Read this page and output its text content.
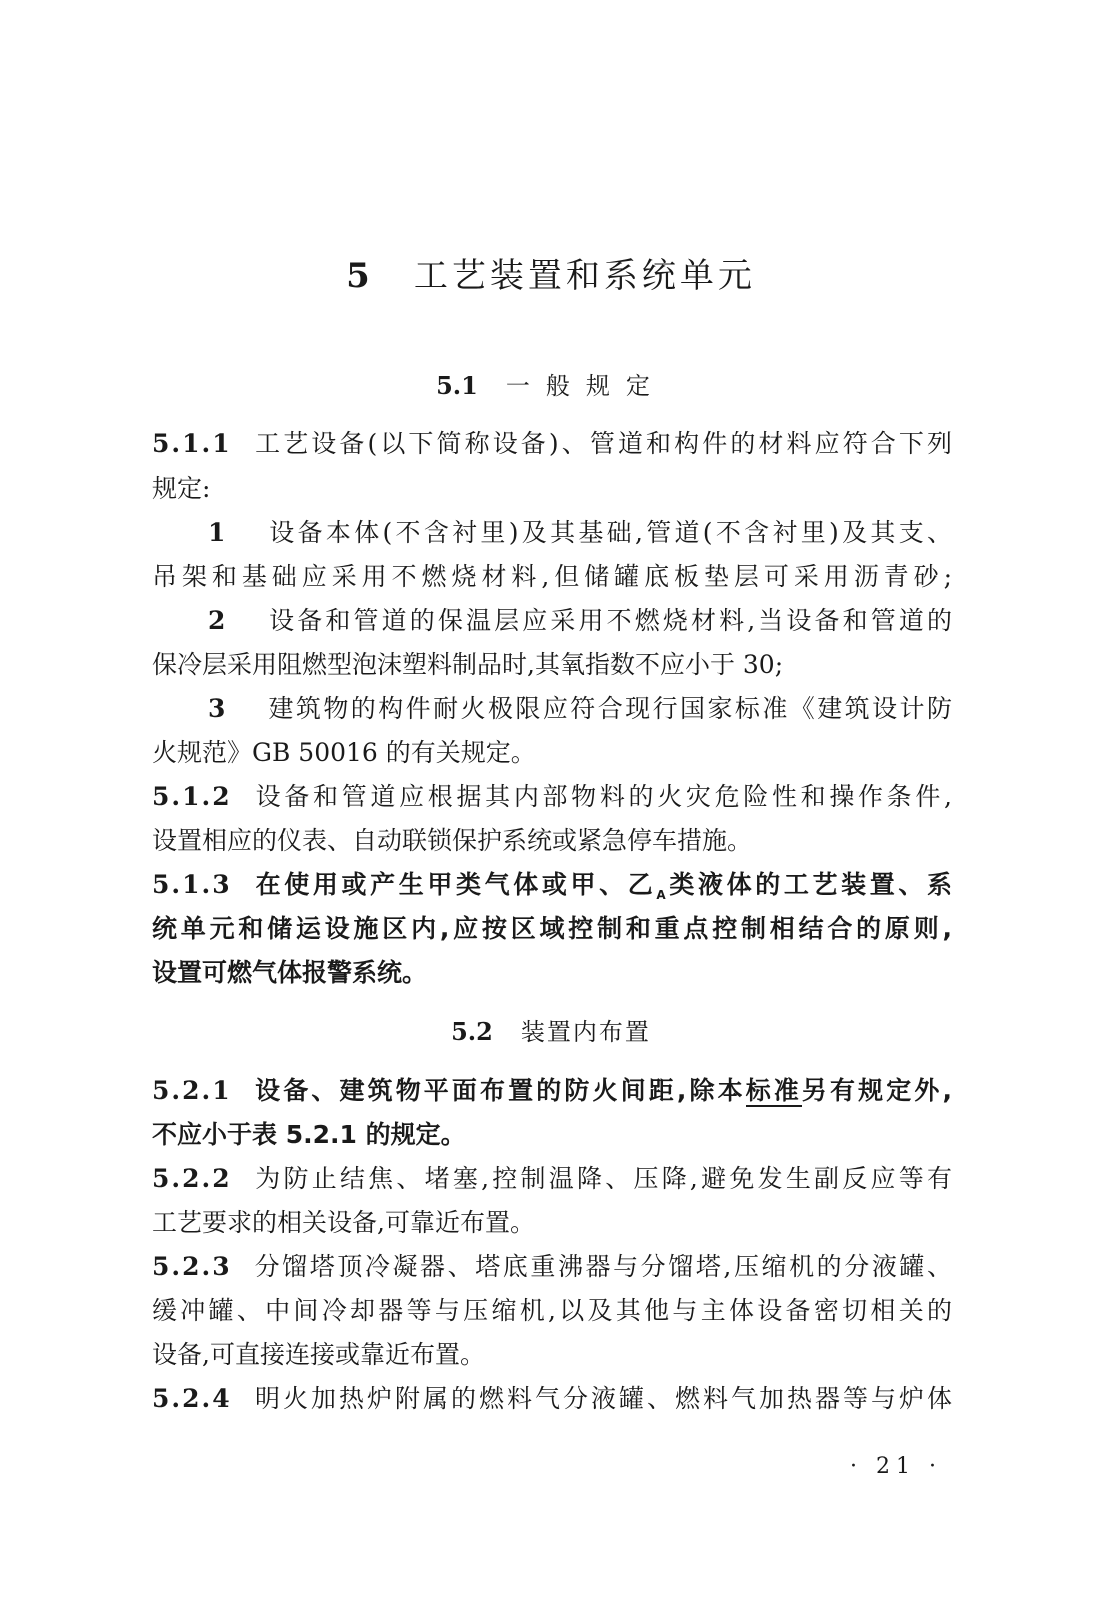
5 工艺装置和系统单元
5.1 一般规定
5.1.1 工艺设备(以下简称设备)、管道和构件的材料应符合下列
规定:
1 设备本体(不含衬里)及其基础,管道(不含衬里)及其支、
吊架和基础应采用不燃烧材料,但储罐底板垫层可采用沥青砂;
2 设备和管道的保温层应采用不燃烧材料,当设备和管道的
保冷层采用阻燃型泡沫塑料制品时,其氧指数不应小于 30;
3 建筑物的构件耐火极限应符合现行国家标准《建筑设计防
火规范》GB 50016 的有关规定。
5.1.2 设备和管道应根据其内部物料的火灾危险性和操作条件,
设置相应的仪表、自动联锁保护系统或紧急停车措施。
5.1.3 在使用或产生甲类气体或甲、乙$_A$类液体的工艺装置、系
统单元和储运设施区内,应按区域控制和重点控制相结合的原则,
设置可燃气体报警系统。
5.2 装置内布置
5.2.1 设备、建筑物平面布置的防火间距,除本标准另有规定外,
不应小于表 5.2.1 的规定。
5.2.2 为防止结焦、堵塞,控制温降、压降,避免发生副反应等有
工艺要求的相关设备,可靠近布置。
5.2.3 分馏塔顶冷凝器、塔底重沸器与分馏塔,压缩机的分液罐、
缓冲罐、中间冷却器等与压缩机,以及其他与主体设备密切相关的
设备,可直接连接或靠近布置。
5.2.4 明火加热炉附属的燃料气分液罐、燃料气加热器等与炉体
· 21 ·
